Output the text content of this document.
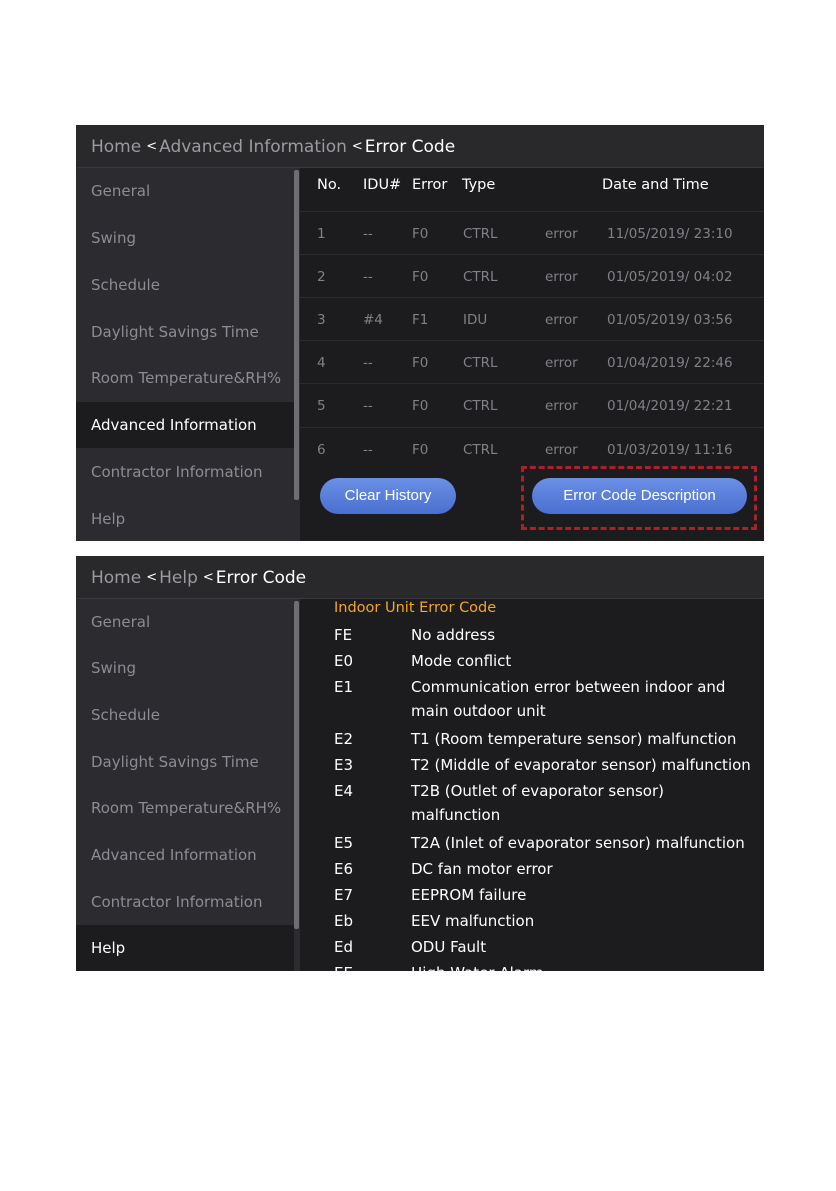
Home < Advanced Information < Error Code
General
Swing
Schedule
Daylight Savings Time
Room Temperature&RH%
Advanced Information
Contractor Information
Help
No. IDU# Error Type	Date and Time
1	--	F0	CTRL	error 11/05/2019/ 23:10
2	--	F0	CTRL	error 01/05/2019/ 04:02
3	#4 F1	IDU	error 01/05/2019/ 03:56
4	--	F0	CTRL	error 01/04/2019/ 22:46
5	--	F0	CTRL	error 01/04/2019/ 22:21
6	--	F0	CTRL	error 01/03/2019/ 11:16
Clear History	Error Code Description
Home < Help < Error Code
General
Swing
Schedule
Daylight Savings Time
Room Temperature&RH%
Advanced Information
Contractor Information
Help
Indoor Unit Error Code
FE	No address
E0	Mode conflict
E1	Communication error between indoor and
main outdoor unit
E2	T1 (Room temperature sensor) malfunction
E3	T2 (Middle of evaporator sensor) malfunction
E4	T2B (Outlet of evaporator sensor)
malfunction
E5	T2A (Inlet of evaporator sensor) malfunction
E6	DC fan motor error
E7	EEPROM failure
Eb	EEV malfunction
Ed	ODU Fault
EE	High Water Alarm
